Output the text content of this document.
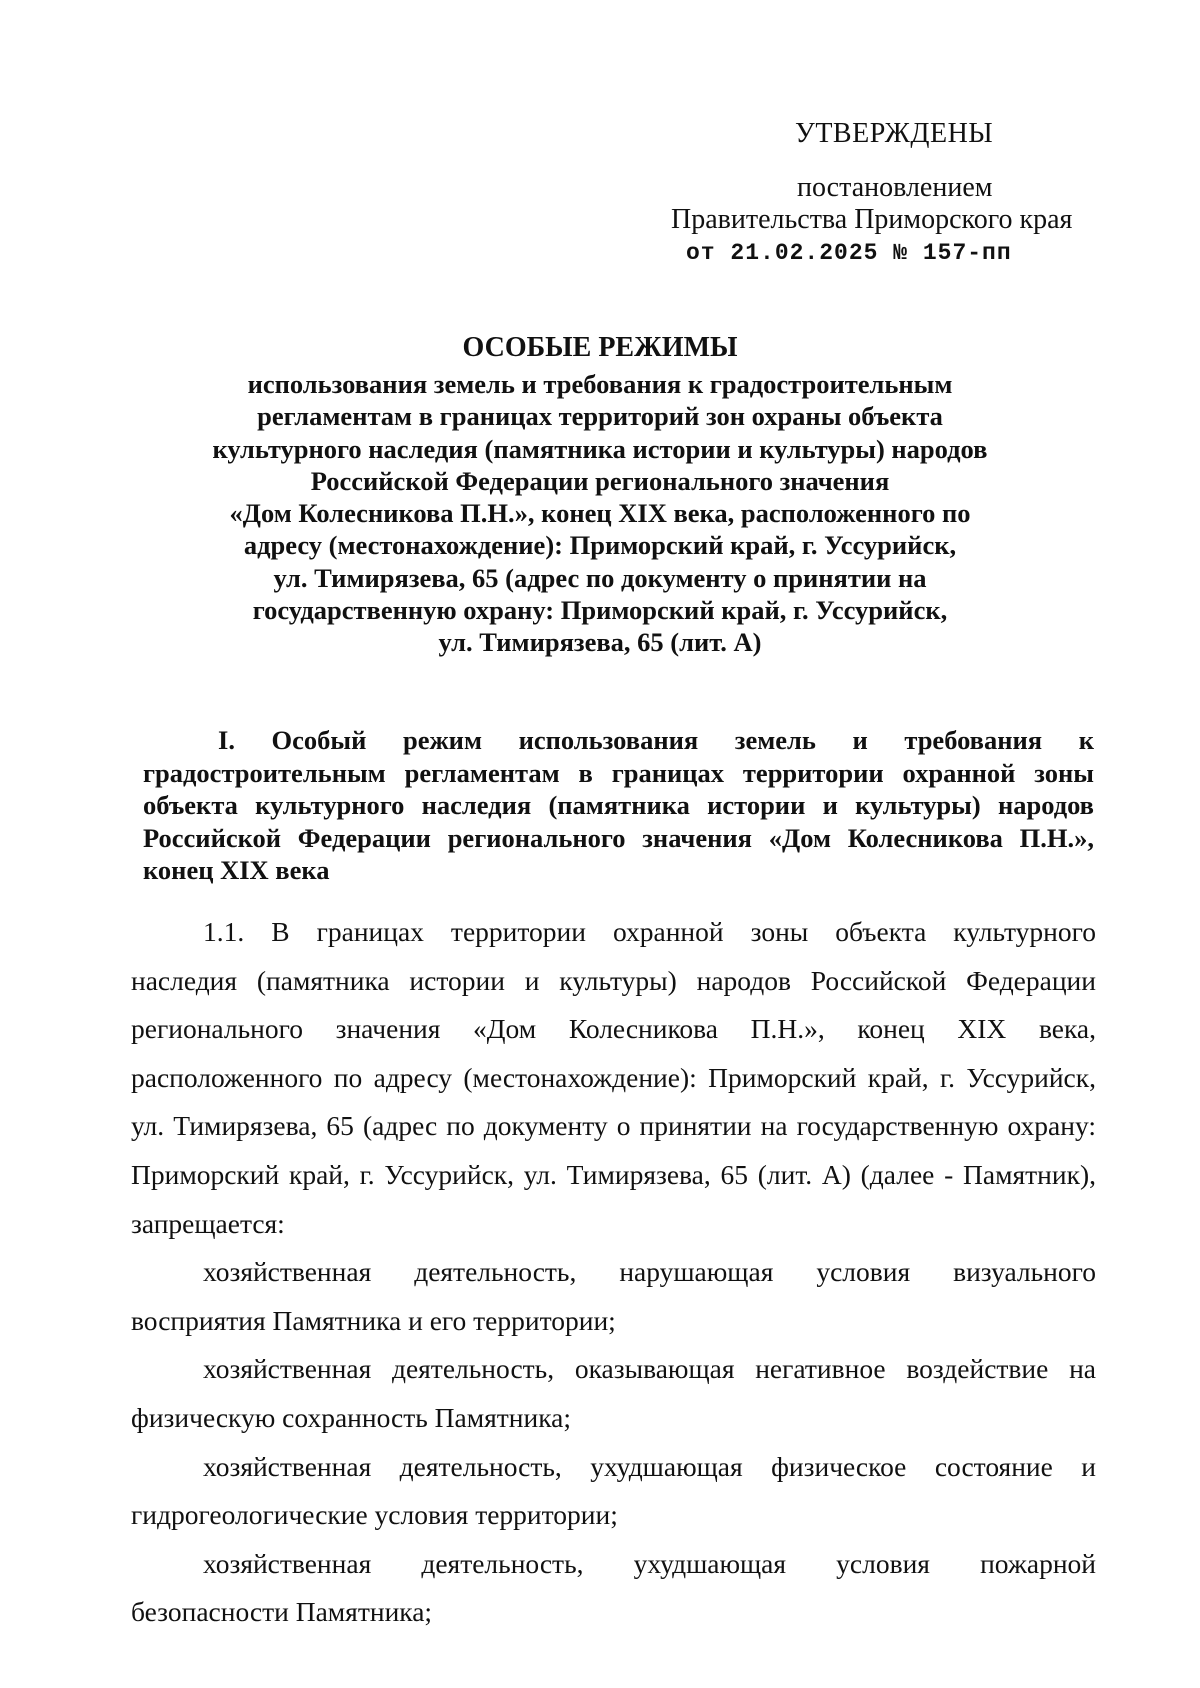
УТВЕРЖДЕНЫ
постановлением
Правительства Приморского края
от 21.02.2025 № 157-пп
ОСОБЫЕ РЕЖИМЫ
использования земель и требования к градостроительным
регламентам в границах территорий зон охраны объекта
культурного наследия (памятника истории и культуры) народов
Российской Федерации регионального значения
«Дом Колесникова П.Н.», конец XIX века, расположенного по
адресу (местонахождение): Приморский край, г. Уссурийск,
ул. Тимирязева, 65 (адрес по документу о принятии на
государственную охрану: Приморский край, г. Уссурийск,
ул. Тимирязева, 65 (лит. А)
I. Особый режим использования земель и требования к
градостроительным регламентам в границах территории охранной зоны
объекта культурного наследия (памятника истории и культуры) народов
Российской Федерации регионального значения «Дом Колесникова П.Н.»,
конец XIX века
1.1. В границах территории охранной зоны объекта культурного
наследия (памятника истории и культуры) народов Российской Федерации
регионального значения «Дом Колесникова П.Н.», конец XIX века,
расположенного по адресу (местонахождение): Приморский край, г. Уссурийск,
ул. Тимирязева, 65 (адрес по документу о принятии на государственную охрану:
Приморский край, г. Уссурийск, ул. Тимирязева, 65 (лит. А) (далее - Памятник),
запрещается:
хозяйственная деятельность, нарушающая условия визуального
восприятия Памятника и его территории;
хозяйственная деятельность, оказывающая негативное воздействие на
физическую сохранность Памятника;
хозяйственная деятельность, ухудшающая физическое состояние и
гидрогеологические условия территории;
хозяйственная деятельность, ухудшающая условия пожарной
безопасности Памятника;
